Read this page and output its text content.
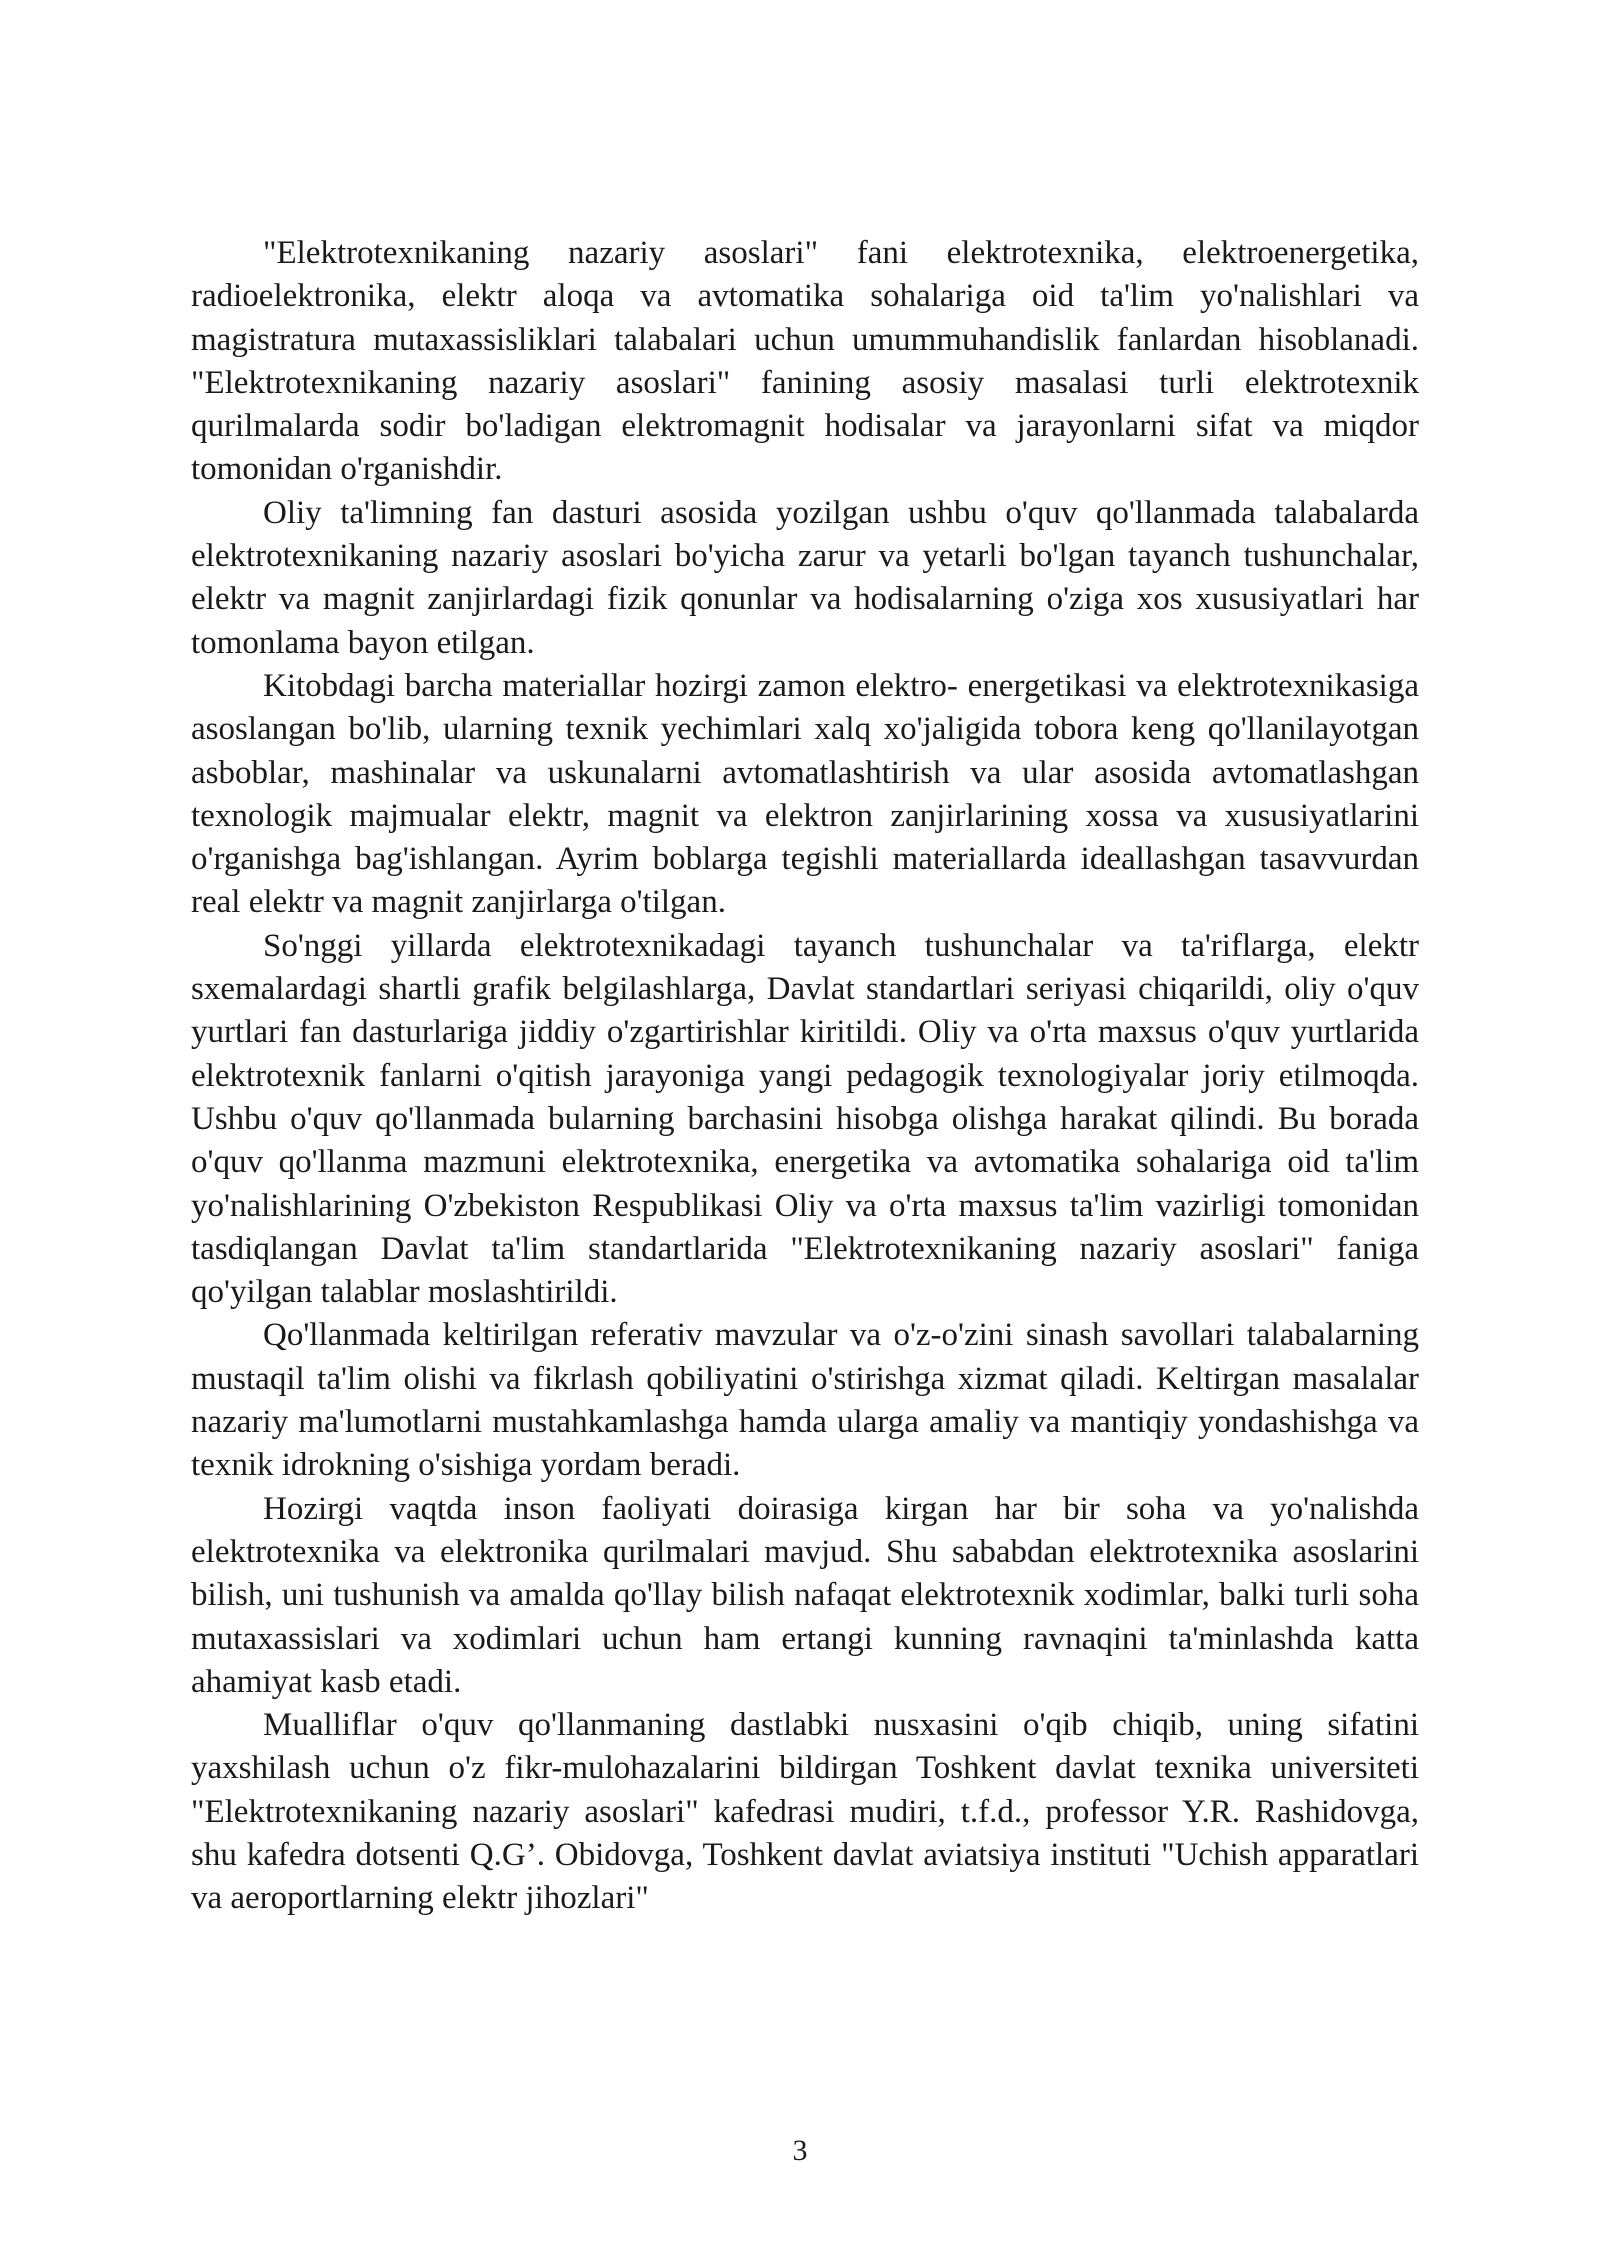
"Elektrotexnikaning nazariy asoslari" fani elektrotexnika, elektroenergetika, radioelektronika, elektr aloqa va avtomatika sohalariga oid ta'lim yo'nalishlari va magistratura mutaxassisliklari talabalari uchun umummuhandislik fanlardan hisoblanadi. "Elektrotexnikaning nazariy asoslari" fanining asosiy masalasi turli elektrotexnik qurilmalarda sodir bo'ladigan elektromagnit hodisalar va jarayonlarni sifat va miqdor tomonidan o'rganishdir.

Oliy ta'limning fan dasturi asosida yozilgan ushbu o'quv qo'llanmada talabalarda elektrotexnikaning nazariy asoslari bo'yicha zarur va yetarli bo'lgan tayanch tushunchalar, elektr va magnit zanjirlardagi fizik qonunlar va hodisalarning o'ziga xos xususiyatlari har tomonlama bayon etilgan.

Kitobdagi barcha materiallar hozirgi zamon elektro- energetikasi va elektrotexnikasiga asoslangan bo'lib, ularning texnik yechimlari xalq xo'jaligida tobora keng qo'llanilayotgan asboblar, mashinalar va uskunalarni avtomatlashtirish va ular asosida avtomatlashgan texnologik majmualar elektr, magnit va elektron zanjirlarining xossa va xususiyatlarini o'rganishga bag'ishlangan. Ayrim boblarga tegishli materiallarda ideallashgan tasavvurdan real elektr va magnit zanjirlarga o'tilgan.

So'nggi yillarda elektrotexnikadagi tayanch tushunchalar va ta'riflarga, elektr sxemalardagi shartli grafik belgilashlarga, Davlat standartlari seriyasi chiqarildi, oliy o'quv yurtlari fan dasturlariga jiddiy o'zgartirishlar kiritildi. Oliy va o'rta maxsus o'quv yurtlarida elektrotexnik fanlarni o'qitish jarayoniga yangi pedagogik texnologiyalar joriy etilmoqda. Ushbu o'quv qo'llanmada bularning barchasini hisobga olishga harakat qilindi. Bu borada o'quv qo'llanma mazmuni elektrotexnika, energetika va avtomatika sohalariga oid ta'lim yo'nalishlarining O'zbekiston Respublikasi Oliy va o'rta maxsus ta'lim vazirligi tomonidan tasdiqlangan Davlat ta'lim standartlarida "Elektrotexnikaning nazariy asoslari" faniga qo'yilgan talablar moslashtirildi.

Qo'llanmada keltirilgan referativ mavzular va o'z-o'zini sinash savollari talabalarning mustaqil ta'lim olishi va fikrlash qobiliyatini o'stirishga xizmat qiladi. Keltirgan masalalar nazariy ma'lumotlarni mustahkamlashga hamda ularga amaliy va mantiqiy yondashishga va texnik idrokning o'sishiga yordam beradi.

Hozirgi vaqtda inson faoliyati doirasiga kirgan har bir soha va yo'nalishda elektrotexnika va elektronika qurilmalari mavjud. Shu sababdan elektrotexnika asoslarini bilish, uni tushunish va amalda qo'llay bilish nafaqat elektrotexnik xodimlar, balki turli soha mutaxassislari va xodimlari uchun ham ertangi kunning ravnaqini ta'minlashda katta ahamiyat kasb etadi.

Mualliflar o'quv qo'llanmaning dastlabki nusxasini o'qib chiqib, uning sifatini yaxshilash uchun o'z fikr-mulohazalarini bildirgan Toshkent davlat texnika universiteti "Elektrotexnikaning nazariy asoslari" kafedrasi mudiri, t.f.d., professor Y.R. Rashidovga, shu kafedra dotsenti Q.G’. Obidovga, Toshkent davlat aviatsiya instituti "Uchish apparatlari va aeroportlarning elektr jihozlari"

3
